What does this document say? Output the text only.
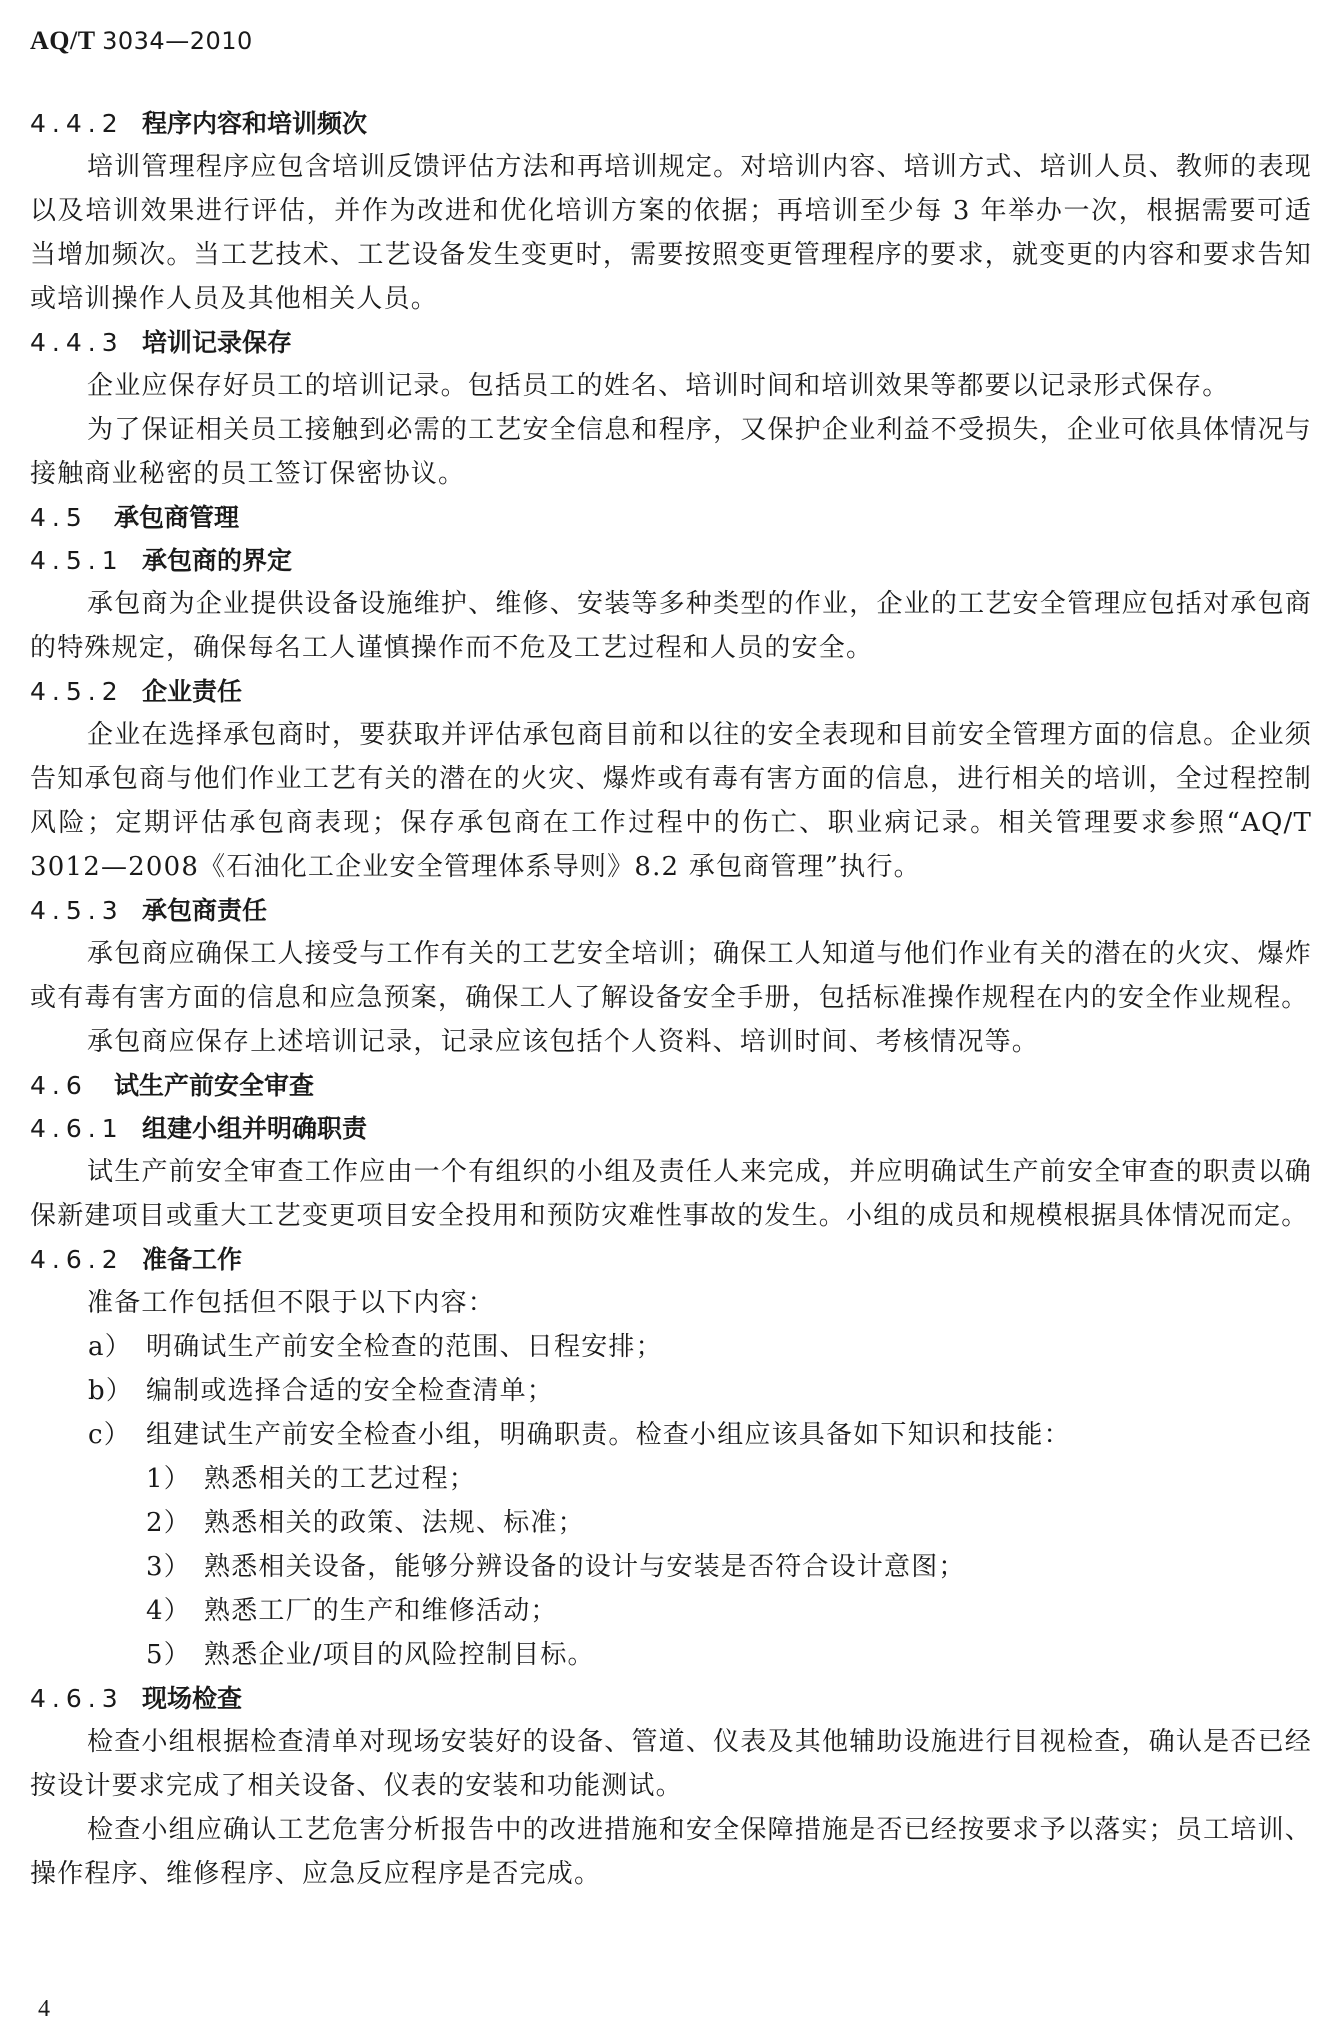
AQ/T 3034—2010
4.4.2 程序内容和培训频次

培训管理程序应包含培训反馈评估方法和再培训规定。对培训内容、培训方式、培训人员、教师的表现以及培训效果进行评估，并作为改进和优化培训方案的依据；再培训至少每 3 年举办一次，根据需要可适当增加频次。当工艺技术、工艺设备发生变更时，需要按照变更管理程序的要求，就变更的内容和要求告知或培训操作人员及其他相关人员。

4.4.3 培训记录保存

企业应保存好员工的培训记录。包括员工的姓名、培训时间和培训效果等都要以记录形式保存。

为了保证相关员工接触到必需的工艺安全信息和程序，又保护企业利益不受损失，企业可依具体情况与接触商业秘密的员工签订保密协议。

4.5 承包商管理
4.5.1 承包商的界定

承包商为企业提供设备设施维护、维修、安装等多种类型的作业，企业的工艺安全管理应包括对承包商的特殊规定，确保每名工人谨慎操作而不危及工艺过程和人员的安全。

4.5.2 企业责任

企业在选择承包商时，要获取并评估承包商目前和以往的安全表现和目前安全管理方面的信息。企业须告知承包商与他们作业工艺有关的潜在的火灾、爆炸或有毒有害方面的信息，进行相关的培训，全过程控制风险；定期评估承包商表现；保存承包商在工作过程中的伤亡、职业病记录。相关管理要求参照“AQ/T 3012—2008《石油化工企业安全管理体系导则》8.2 承包商管理”执行。

4.5.3 承包商责任

承包商应确保工人接受与工作有关的工艺安全培训；确保工人知道与他们作业有关的潜在的火灾、爆炸或有毒有害方面的信息和应急预案，确保工人了解设备安全手册，包括标准操作规程在内的安全作业规程。

承包商应保存上述培训记录，记录应该包括个人资料、培训时间、考核情况等。

4.6 试生产前安全审查
4.6.1 组建小组并明确职责

试生产前安全审查工作应由一个有组织的小组及责任人来完成，并应明确试生产前安全审查的职责以确保新建项目或重大工艺变更项目安全投用和预防灾难性事故的发生。小组的成员和规模根据具体情况而定。

4.6.2 准备工作

准备工作包括但不限于以下内容：

a） 明确试生产前安全检查的范围、日程安排；
b） 编制或选择合适的安全检查清单；
c） 组建试生产前安全检查小组，明确职责。检查小组应该具备如下知识和技能：
1） 熟悉相关的工艺过程；
2） 熟悉相关的政策、法规、标准；
3） 熟悉相关设备，能够分辨设备的设计与安装是否符合设计意图；
4） 熟悉工厂的生产和维修活动；
5） 熟悉企业/项目的风险控制目标。
4.6.3 现场检查

检查小组根据检查清单对现场安装好的设备、管道、仪表及其他辅助设施进行目视检查，确认是否已经按设计要求完成了相关设备、仪表的安装和功能测试。

检查小组应确认工艺危害分析报告中的改进措施和安全保障措施是否已经按要求予以落实；员工培训、操作程序、维修程序、应急反应程序是否完成。

4
